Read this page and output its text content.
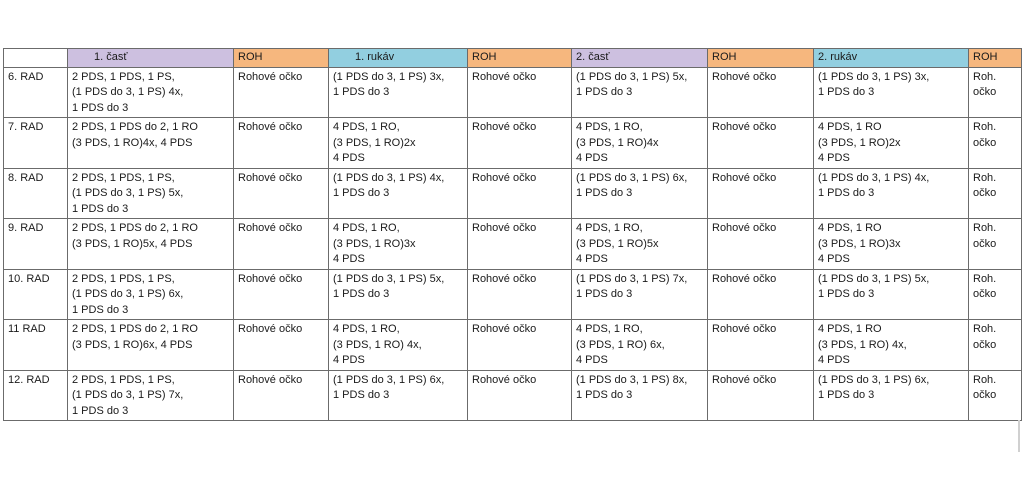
	1. časť	ROH	1. rukáv	ROH	2. časť	ROH	2. rukáv	ROH
6. RAD	2 PDS, 1 PDS, 1 PS,
(1 PDS do 3, 1 PS) 4x,
1 PDS do 3	Rohové očko	(1 PDS do 3, 1 PS) 3x,
1 PDS do 3	Rohové očko	(1 PDS do 3, 1 PS) 5x,
1 PDS do 3	Rohové očko	(1 PDS do 3, 1 PS) 3x,
1 PDS do 3	Roh.
očko

7. RAD	2 PDS, 1 PDS do 2, 1 RO
(3 PDS, 1 RO)4x, 4 PDS	Rohové očko	4 PDS, 1 RO,
(3 PDS, 1 RO)2x
4 PDS	Rohové očko	4 PDS, 1 RO,
(3 PDS, 1 RO)4x
4 PDS	Rohové očko	4 PDS, 1 RO
(3 PDS, 1 RO)2x
4 PDS	Roh.
očko

8. RAD	2 PDS, 1 PDS, 1 PS,
(1 PDS do 3, 1 PS) 5x,
1 PDS do 3	Rohové očko	(1 PDS do 3, 1 PS) 4x,
1 PDS do 3	Rohové očko	(1 PDS do 3, 1 PS) 6x,
1 PDS do 3	Rohové očko	(1 PDS do 3, 1 PS) 4x,
1 PDS do 3	Roh.
očko

9. RAD	2 PDS, 1 PDS do 2, 1 RO
(3 PDS, 1 RO)5x, 4 PDS	Rohové očko	4 PDS, 1 RO,
(3 PDS, 1 RO)3x
4 PDS	Rohové očko	4 PDS, 1 RO,
(3 PDS, 1 RO)5x
4 PDS	Rohové očko	4 PDS, 1 RO
(3 PDS, 1 RO)3x
4 PDS	Roh.
očko

10. RAD	2 PDS, 1 PDS, 1 PS,
(1 PDS do 3, 1 PS) 6x,
1 PDS do 3	Rohové očko	(1 PDS do 3, 1 PS) 5x,
1 PDS do 3	Rohové očko	(1 PDS do 3, 1 PS) 7x,
1 PDS do 3	Rohové očko	(1 PDS do 3, 1 PS) 5x,
1 PDS do 3	Roh.
očko

11 RAD	2 PDS, 1 PDS do 2, 1 RO
(3 PDS, 1 RO)6x, 4 PDS	Rohové očko	4 PDS, 1 RO,
(3 PDS, 1 RO) 4x,
4 PDS	Rohové očko	4 PDS, 1 RO,
(3 PDS, 1 RO) 6x,
4 PDS	Rohové očko	4 PDS, 1 RO
(3 PDS, 1 RO) 4x,
4 PDS	Roh.
očko

12. RAD	2 PDS, 1 PDS, 1 PS,
(1 PDS do 3, 1 PS) 7x,
1 PDS do 3	Rohové očko	(1 PDS do 3, 1 PS) 6x,
1 PDS do 3	Rohové očko	(1 PDS do 3, 1 PS) 8x,
1 PDS do 3	Rohové očko	(1 PDS do 3, 1 PS) 6x,
1 PDS do 3	Roh.
očko
